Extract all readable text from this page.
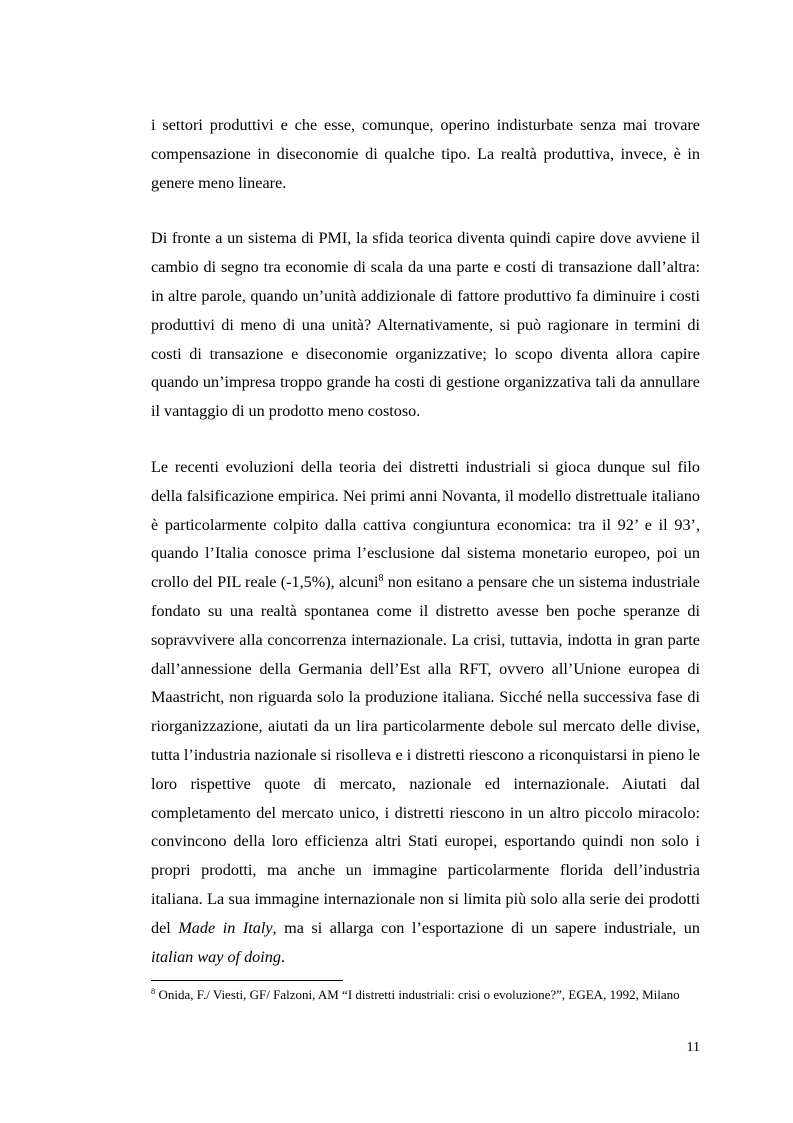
i settori produttivi e che esse, comunque, operino indisturbate senza mai trovare compensazione in diseconomie di qualche tipo. La realtà produttiva, invece, è in genere meno lineare.

Di fronte a un sistema di PMI, la sfida teorica diventa quindi capire dove avviene il cambio di segno tra economie di scala da una parte e costi di transazione dall’altra: in altre parole, quando un’unità addizionale di fattore produttivo fa diminuire i costi produttivi di meno di una unità? Alternativamente, si può ragionare in termini di costi di transazione e diseconomie organizzative; lo scopo diventa allora capire quando un’impresa troppo grande ha costi di gestione organizzativa tali da annullare il vantaggio di un prodotto meno costoso.

Le recenti evoluzioni della teoria dei distretti industriali si gioca dunque sul filo della falsificazione empirica. Nei primi anni Novanta, il modello distrettuale italiano è particolarmente colpito dalla cattiva congiuntura economica: tra il 92’ e il 93’, quando l’Italia conosce prima l’esclusione dal sistema monetario europeo, poi un crollo del PIL reale (-1,5%), alcuni$^8$ non esitano a pensare che un sistema industriale fondato su una realtà spontanea come il distretto avesse ben poche speranze di sopravvivere alla concorrenza internazionale. La crisi, tuttavia, indotta in gran parte dall’annessione della Germania dell’Est alla RFT, ovvero all’Unione europea di Maastricht, non riguarda solo la produzione italiana. Sicché nella successiva fase di riorganizzazione, aiutati da un lira particolarmente debole sul mercato delle divise, tutta l’industria nazionale si risolleva e i distretti riescono a riconquistarsi in pieno le loro rispettive quote di mercato, nazionale ed internazionale. Aiutati dal completamento del mercato unico, i distretti riescono in un altro piccolo miracolo: convincono della loro efficienza altri Stati europei, esportando quindi non solo i propri prodotti, ma anche un immagine particolarmente florida dell’industria italiana. La sua immagine internazionale non si limita più solo alla serie dei prodotti del Made in Italy, ma si allarga con l’esportazione di un sapere industriale, un italian way of doing.

$^8$ Onida, F./ Viesti, GF/ Falzoni, AM “I distretti industriali: crisi o evoluzione?”, EGEA, 1992, Milano
11
